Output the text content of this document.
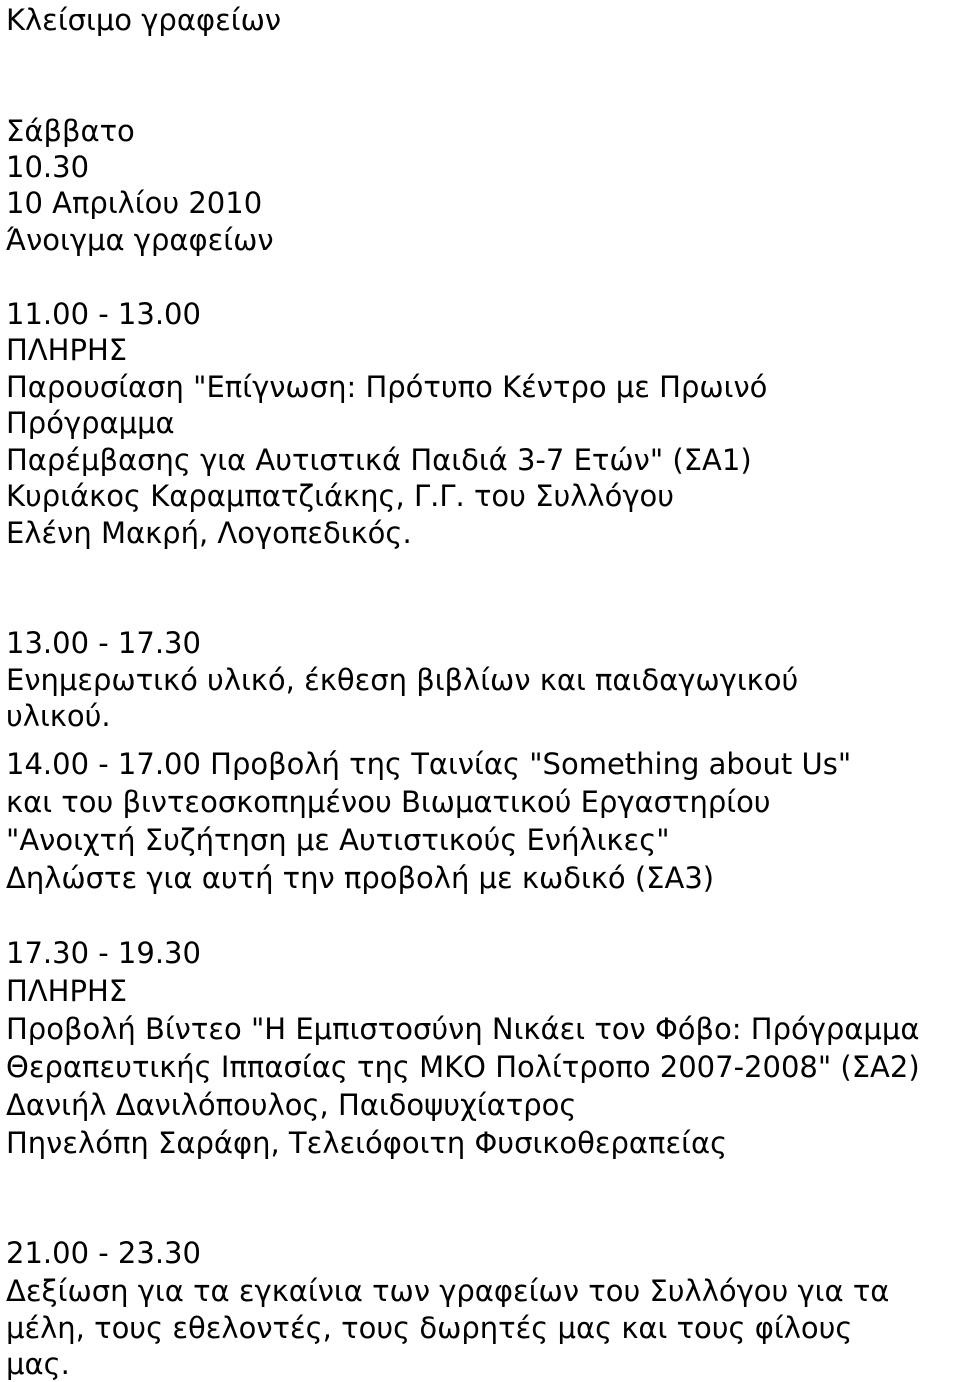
Κλείσιμο γραφείων
Σάββατο
10.30
10 Απριλίου 2010
Άνοιγμα γραφείων
11.00 - 13.00
ΠΛΗΡΗΣ
Παρουσίαση "Επίγνωση: Πρότυπο Κέντρο με Πρωινό
Πρόγραμμα
Παρέμβασης για Αυτιστικά Παιδιά 3-7 Ετών" (ΣΑ1)
Κυριάκος Καραμπατζιάκης, Γ.Γ. του Συλλόγου
Ελένη Μακρή, Λογοπεδικός.
13.00 - 17.30
Ενημερωτικό υλικό, έκθεση βιβλίων και παιδαγωγικού
υλικού.
14.00 - 17.00 Προβολή της Ταινίας "Something about Us"
και του βιντεοσκοπημένου Βιωματικού Εργαστηρίου
"Ανοιχτή Συζήτηση με Αυτιστικούς Ενήλικες"
Δηλώστε για αυτή την προβολή με κωδικό (ΣΑ3)
17.30 - 19.30
ΠΛΗΡΗΣ
Προβολή Βίντεο "Η Εμπιστοσύνη Νικάει τον Φόβο: Πρόγραμμα
Θεραπευτικής Ιππασίας της ΜΚΟ Πολίτροπο 2007-2008" (ΣΑ2)
Δανιήλ Δανιλόπουλος, Παιδοψυχίατρος
Πηνελόπη Σαράφη, Τελειόφοιτη Φυσικοθεραπείας
21.00 - 23.30
Δεξίωση για τα εγκαίνια των γραφείων του Συλλόγου για τα
μέλη, τους εθελοντές, τους δωρητές μας και τους φίλους
μας.
